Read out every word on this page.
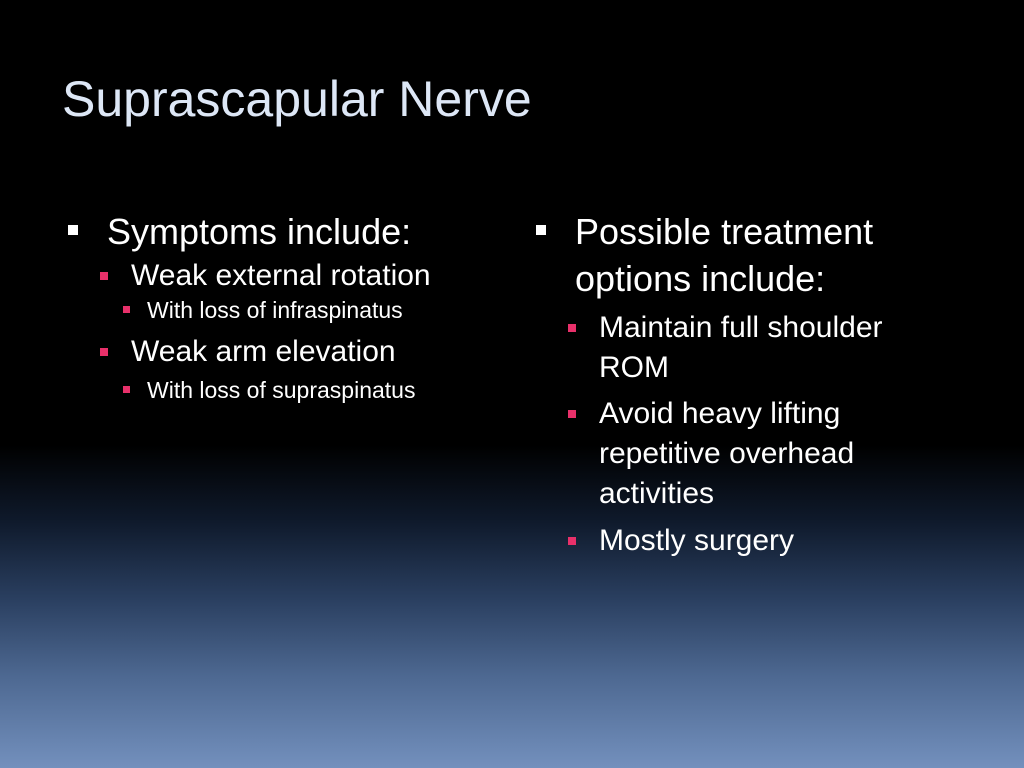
Suprascapular Nerve
Symptoms include:
Weak external rotation
With loss of infraspinatus
Weak arm elevation
With loss of supraspinatus
Possible treatment options include:
Maintain full shoulder ROM
Avoid heavy lifting repetitive overhead activities
Mostly surgery
